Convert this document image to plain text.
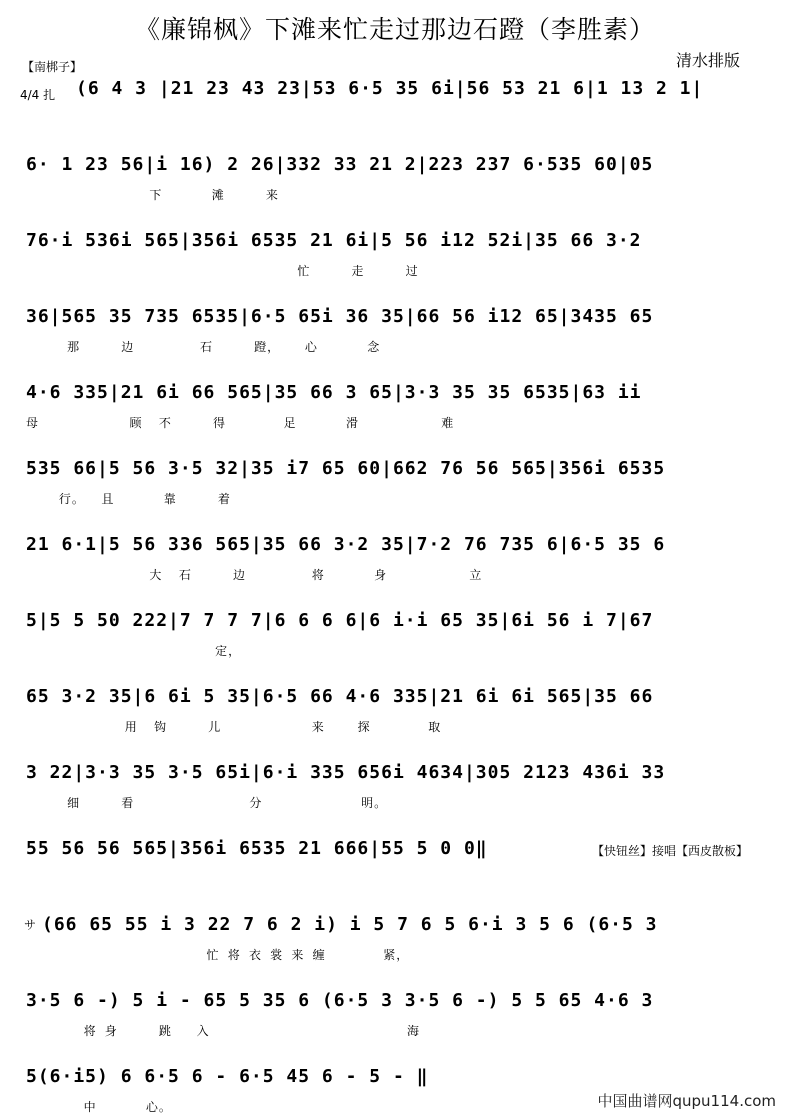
《廉锦枫》下滩来忙走过那边石蹬（李胜素）
【南梆子】
4/4 扎
清水排版
(6 4 3 |21 23 43 23|53 6·5 35 6i|56 53 21 6|1 13 2 1|
6· 1 23 56|i 16) 2 26|332 33 21 2|223 237 6·535 60|05
下      滩     来
76·i 536i 565|356i 6535 21 6i|5 56 i12 52i|35 66 3·2
忙     走     过
36|565 35 735 6535|6·5 65i 36 35|66 56 i12 65|3435 65
那     边        石     蹬，   心      念
4·6 335|21 6i 66 565|35 66 3 65|3·3 35 35 6535|63 ii
母           顾  不     得       足      滑          难
535 66|5 56 3·5 32|35 i7 65 60|662 76 56 565|356i 6535
行。  且      靠     着
21 6·1|5 56 336 565|35 66 3·2 35|7·2 76 735 6|6·5 35 6
大  石     边        将      身          立
5|5 5 50 222|7 7 7 7|6 6 6 6|6 i·i 65 35|6i 56 i 7|67
定，
65 3·2 35|6 6i 5 35|6·5 66 4·6 335|21 6i 6i 565|35 66
用  钩     儿           来    探       取
3 22|3·3 35 3·5 65i|6·i 335 656i 4634|305 2123 436i 33
细     看              分            明。
55 56 56 565|356i 6535 21 666|55 5 0 0‖	【快钮丝】接唱【西皮散板】
サ (66 65 55 i 3 22 7 6 2 i) i 5 7 6 5 6·i 3 5 6 (6·5 3
忙 将 衣 裳 来 缠       紧，
3·5 6 -) 5 i - 65 5 35 6 (6·5 3 3·5 6 -) 5 5 65 4·6 3
将 身     跳   入                        海
5(6·i5) 6 6·5 6 - 6·5 45 6 - 5 - ‖
中      心。	中国曲谱网qupu114.com
